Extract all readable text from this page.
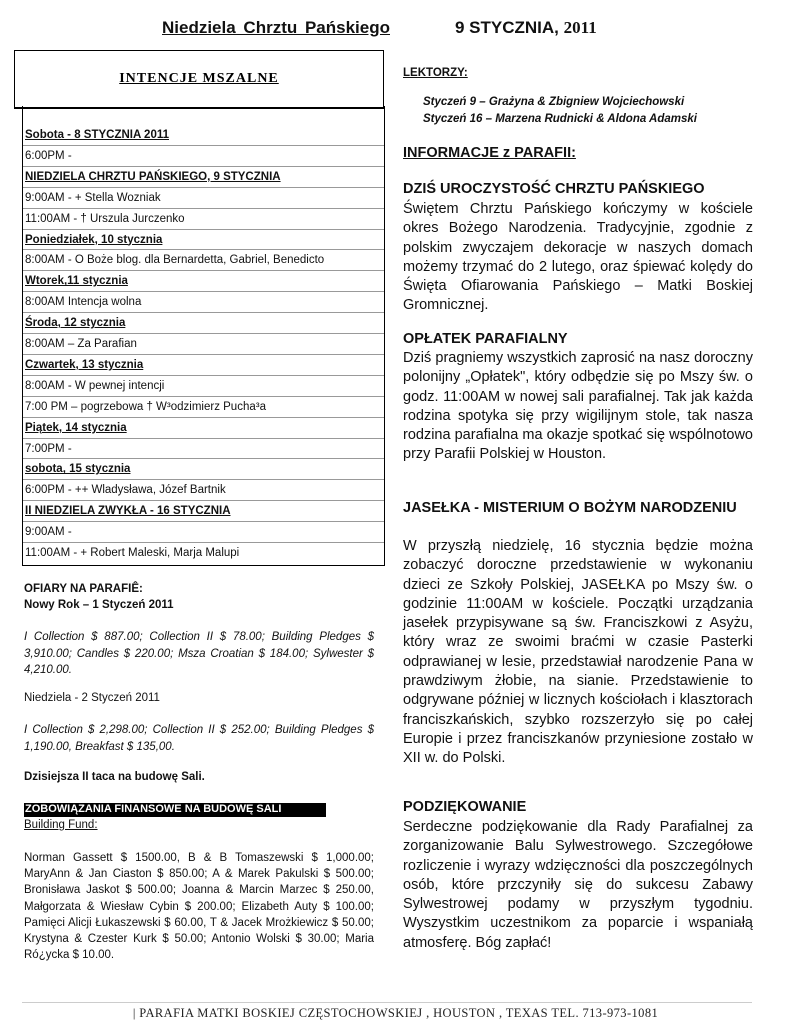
Niedziela Chrztu Pańskiego	9 STYCZNIA, 2011
INTENCJE MSZALNE
Sobota - 8 STYCZNIA 2011
6:00PM -
NIEDZIELA CHRZTU PAŃSKIEGO, 9 STYCZNIA
9:00AM - + Stella Wozniak
11:00AM - † Urszula Jurczenko
Poniedziałek, 10 stycznia
8:00AM - O Boże blog. dla Bernardetta, Gabriel, Benedicto
Wtorek,11 stycznia
8:00AM Intencja wolna
Środa, 12 stycznia
8:00AM – Za Parafian
Czwartek, 13 stycznia
8:00AM - W pewnej intencji
7:00 PM – pogrzebowa † W³odzimierz Pucha³a
Piątek, 14 stycznia
7:00PM -
sobota, 15 stycznia
6:00PM - ++ Wladysława, Józef Bartnik
II NIEDZIELA ZWYKŁA - 16 STYCZNIA
9:00AM -
11:00AM - + Robert Maleski, Marja Malupi
OFIARY NA PARAFIÊ:
Nowy Rok – 1 Styczeń 2011
I Collection $ 887.00; Collection II $ 78.00; Building Pledges $ 3,910.00; Candles $ 220.00; Msza Croatian $ 184.00; Sylwester $ 4,210.00.
Niedziela - 2 Styczeń 2011
I Collection $ 2,298.00; Collection II $ 252.00; Building Pledges $ 1,190.00, Breakfast $ 135,00.
Dzisiejsza II taca na budowę Sali.
Building Fund:
Norman Gassett $ 1500.00, B & B Tomaszewski $ 1,000.00; MaryAnn & Jan Ciaston $ 850.00; A & Marek Pakulski $ 500.00; Bronisława Jaskot $ 500.00; Joanna & Marcin Marzec $ 250.00, Małgorzata & Wiesław Cybin $ 200.00; Elizabeth Auty $ 100.00; Pamięci Alicji Łukaszewski $ 60.00, T & Jacek Mrożkiewicz $ 50.00; Krystyna & Czester Kurk $ 50.00; Antonio Wolski $ 30.00; Maria Ró¿ycka $ 10.00.
ZOBOWIĄZANIA FINANSOWE NA BUDOWĘ SALI
LEKTORZY:
Styczeń 9 – Grażyna & Zbigniew Wojciechowski
Styczeń 16 – Marzena Rudnicki & Aldona Adamski
INFORMACJE z PARAFII:
DZIŚ UROCZYSTOŚĆ CHRZTU PAŃSKIEGO
Świętem Chrztu Pańskiego kończymy w kościele okres Bożego Narodzenia. Tradycyjnie, zgodnie z polskim zwyczajem dekoracje w naszych domach możemy trzymać do 2 lutego, oraz śpiewać kolędy do Święta Ofiarowania Pańskiego – Matki Boskiej Gromnicznej.
OPŁATEK PARAFIALNY
Dziś pragniemy wszystkich zaprosić na nasz doroczny polonijny „Opłatek", który odbędzie się po Mszy św. o godz. 11:00AM w nowej sali parafialnej. Tak jak każda rodzina spotyka się przy wigilijnym stole, tak nasza rodzina parafialna ma okazje spotkać się wspólnotowo przy Parafii Polskiej w Houston.
JASEŁKA - MISTERIUM O BOŻYM NARODZENIU
W przyszłą niedzielę, 16 stycznia będzie można zobaczyć doroczne przedstawienie w wykonaniu dzieci ze Szkoły Polskiej, JASEŁKA po Mszy św. o godzinie 11:00AM w kościele. Początki urządzania jasełek przypisywane są św. Franciszkowi z Asyżu, który wraz ze swoimi braćmi w czasie Pasterki odprawianej w lesie, przedstawiał narodzenie Pana w prawdziwym żłobie, na sianie. Przedstawienie to odgrywane później w licznych kościołach i klasztorach franciszkańskich, szybko rozszerzyło się po całej Europie i przez franciszkanów przyniesione zostało w XII w. do Polski.
PODZIĘKOWANIE
Serdeczne podziękowanie dla Rady Parafialnej za zorganizowanie Balu Sylwestrowego. Szczegółowe rozliczenie i wyrazy wdzięczności dla poszczególnych osób, które przczyniły się do sukcesu Zabawy Sylwestrowej podamy w przyszłym tygodniu. Wyszystkim uczestnikom za poparcie i wspaniałą atmosferę. Bóg zapłać!
| PARAFIA MATKI BOSKIEJ CZĘSTOCHOWSKIEJ , HOUSTON , TEXAS TEL. 713-973-1081
